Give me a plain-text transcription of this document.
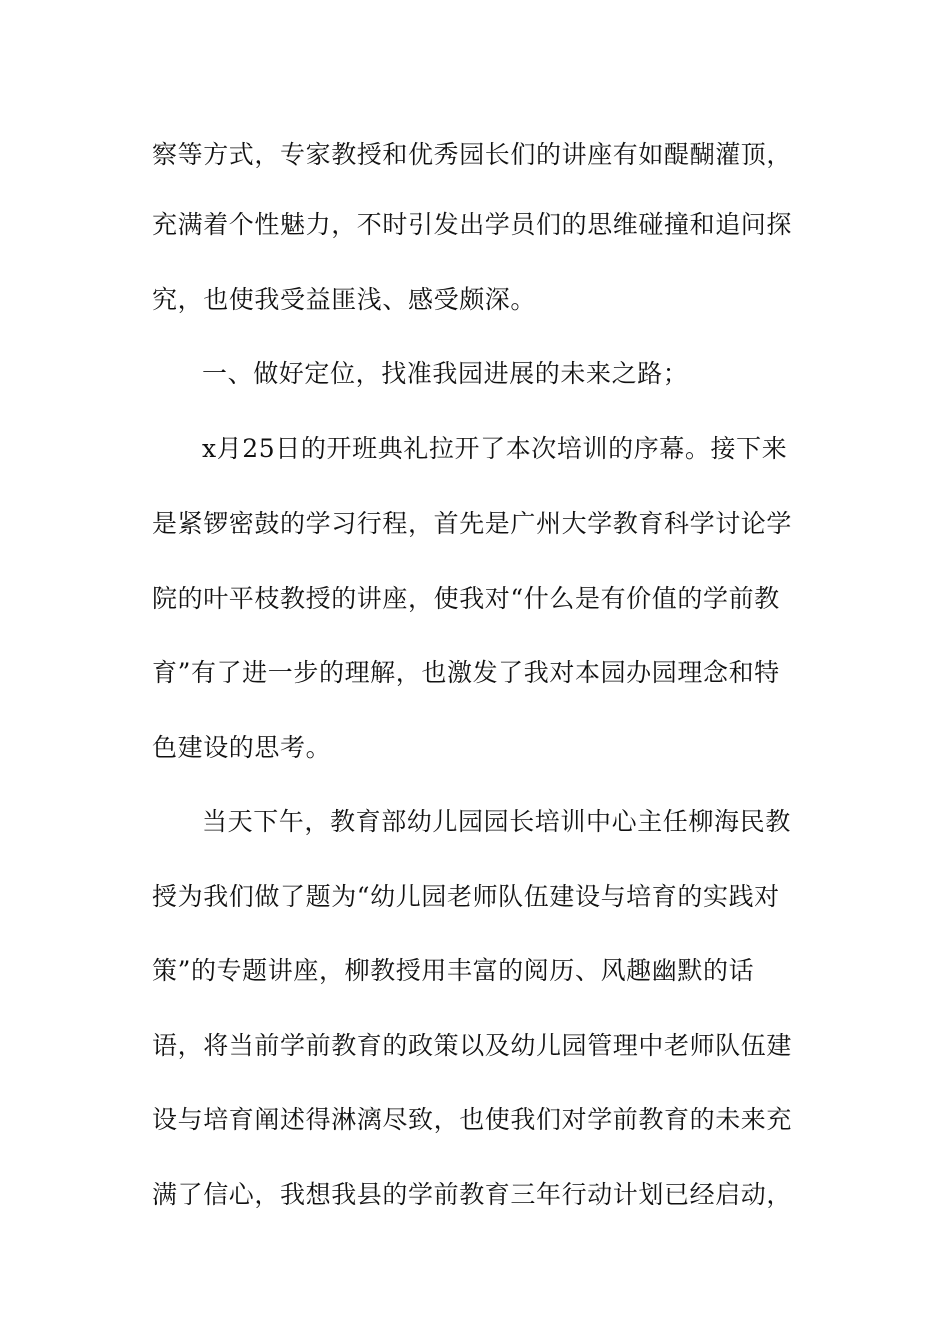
察等方式，专家教授和优秀园长们的讲座有如醍醐灌顶，
充满着个性魅力，不时引发出学员们的思维碰撞和追问探
究，也使我受益匪浅、感受颇深。
一、做好定位，找准我园进展的未来之路；
x月25日的开班典礼拉开了本次培训的序幕。接下来
是紧锣密鼓的学习行程，首先是广州大学教育科学讨论学
院的叶平枝教授的讲座，使我对“什么是有价值的学前教
育”有了进一步的理解，也激发了我对本园办园理念和特
色建设的思考。
当天下午，教育部幼儿园园长培训中心主任柳海民教
授为我们做了题为“幼儿园老师队伍建设与培育的实践对
策”的专题讲座，柳教授用丰富的阅历、风趣幽默的话
语，将当前学前教育的政策以及幼儿园管理中老师队伍建
设与培育阐述得淋漓尽致，也使我们对学前教育的未来充
满了信心，我想我县的学前教育三年行动计划已经启动，
